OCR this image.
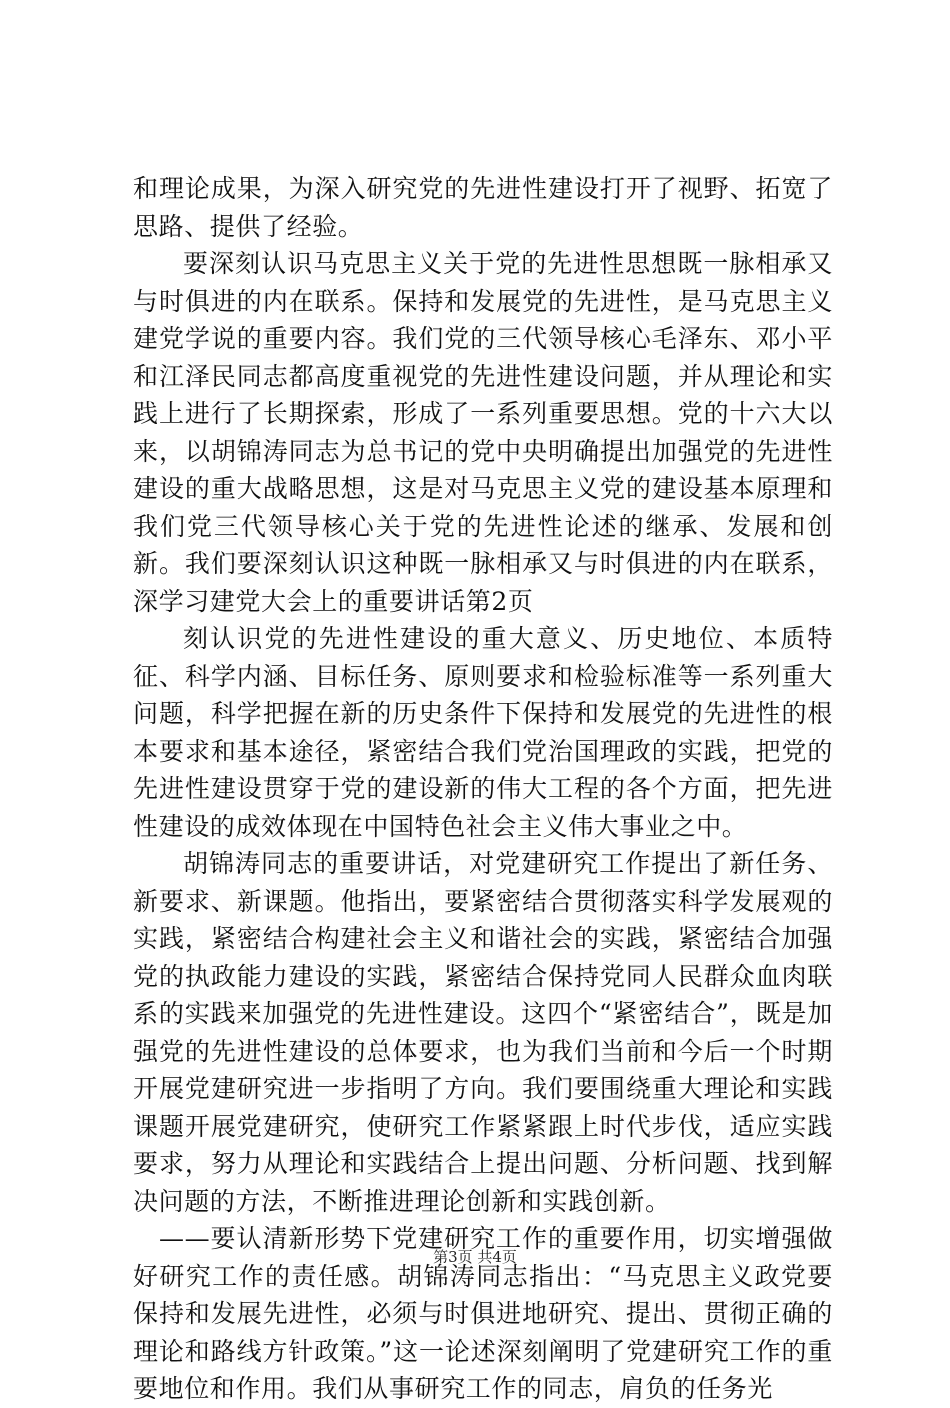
和理论成果，为深入研究党的先进性建设打开了视野、拓宽了思路、提供了经验。

要深刻认识马克思主义关于党的先进性思想既一脉相承又与时俱进的内在联系。保持和发展党的先进性，是马克思主义建党学说的重要内容。我们党的三代领导核心毛泽东、邓小平和江泽民同志都高度重视党的先进性建设问题，并从理论和实践上进行了长期探索，形成了一系列重要思想。党的十六大以来，以胡锦涛同志为总书记的党中央明确提出加强党的先进性建设的重大战略思想，这是对马克思主义党的建设基本原理和我们党三代领导核心关于党的先进性论述的继承、发展和创新。我们要深刻认识这种既一脉相承又与时俱进的内在联系，深学习建党大会上的重要讲话第2页

刻认识党的先进性建设的重大意义、历史地位、本质特征、科学内涵、目标任务、原则要求和检验标准等一系列重大问题，科学把握在新的历史条件下保持和发展党的先进性的根本要求和基本途径，紧密结合我们党治国理政的实践，把党的先进性建设贯穿于党的建设新的伟大工程的各个方面，把先进性建设的成效体现在中国特色社会主义伟大事业之中。

胡锦涛同志的重要讲话，对党建研究工作提出了新任务、新要求、新课题。他指出，要紧密结合贯彻落实科学发展观的实践，紧密结合构建社会主义和谐社会的实践，紧密结合加强党的执政能力建设的实践，紧密结合保持党同人民群众血肉联系的实践来加强党的先进性建设。这四个“紧密结合”，既是加强党的先进性建设的总体要求，也为我们当前和今后一个时期开展党建研究进一步指明了方向。我们要围绕重大理论和实践课题开展党建研究，使研究工作紧紧跟上时代步伐，适应实践要求，努力从理论和实践结合上提出问题、分析问题、找到解决问题的方法，不断推进理论创新和实践创新。

——要认清新形势下党建研究工作的重要作用，切实增强做好研究工作的责任感。胡锦涛同志指出：“马克思主义政党要保持和发展先进性，必须与时俱进地研究、提出、贯彻正确的理论和路线方针政策。”这一论述深刻阐明了党建研究工作的重要地位和作用。我们从事研究工作的同志，肩负的任务光

第3页 共4页
